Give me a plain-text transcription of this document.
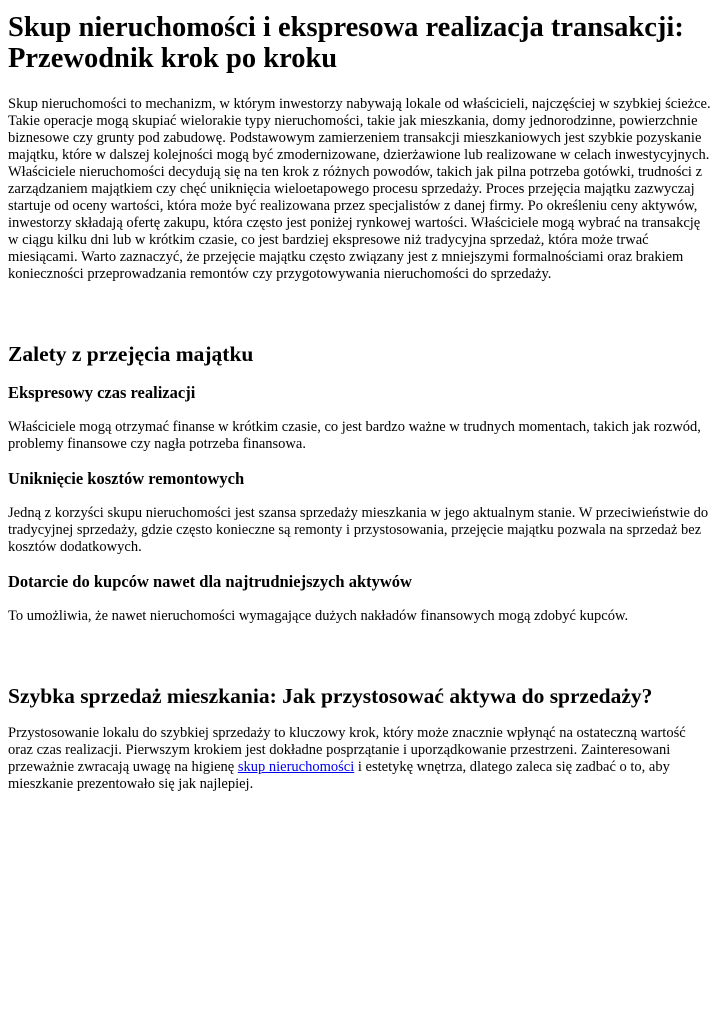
Skup nieruchomości i ekspresowa realizacja transakcji: Przewodnik krok po kroku

Skup nieruchomości to mechanizm, w którym inwestorzy nabywają lokale od właścicieli, najczęściej w szybkiej ścieżce. Takie operacje mogą skupiać wielorakie typy nieruchomości, takie jak mieszkania, domy jednorodzinne, powierzchnie biznesowe czy grunty pod zabudowę. Podstawowym zamierzeniem transakcji mieszkaniowych jest szybkie pozyskanie majątku, które w dalszej kolejności mogą być zmodernizowane, dzierżawione lub realizowane w celach inwestycyjnych. Właściciele nieruchomości decydują się na ten krok z różnych powodów, takich jak pilna potrzeba gotówki, trudności z zarządzaniem majątkiem czy chęć uniknięcia wieloetapowego procesu sprzedaży. Proces przejęcia majątku zazwyczaj startuje od oceny wartości, która może być realizowana przez specjalistów z danej firmy. Po określeniu ceny aktywów, inwestorzy składają ofertę zakupu, która często jest poniżej rynkowej wartości. Właściciele mogą wybrać na transakcję w ciągu kilku dni lub w krótkim czasie, co jest bardziej ekspresowe niż tradycyjna sprzedaż, która może trwać miesiącami. Warto zaznaczyć, że przejęcie majątku często związany jest z mniejszymi formalnościami oraz brakiem konieczności przeprowadzania remontów czy przygotowywania nieruchomości do sprzedaży.

Zalety z przejęcia majątku
Ekspresowy czas realizacji

Właściciele mogą otrzymać finanse w krótkim czasie, co jest bardzo ważne w trudnych momentach, takich jak rozwód, problemy finansowe czy nagła potrzeba finansowa.

Uniknięcie kosztów remontowych

Jedną z korzyści skupu nieruchomości jest szansa sprzedaży mieszkania w jego aktualnym stanie. W przeciwieństwie do tradycyjnej sprzedaży, gdzie często konieczne są remonty i przystosowania, przejęcie majątku pozwala na sprzedaż bez kosztów dodatkowych.

Dotarcie do kupców nawet dla najtrudniejszych aktywów

To umożliwia, że nawet nieruchomości wymagające dużych nakładów finansowych mogą zdobyć kupców.

Szybka sprzedaż mieszkania: Jak przystosować aktywa do sprzedaży?

Przystosowanie lokalu do szybkiej sprzedaży to kluczowy krok, który może znacznie wpłynąć na ostateczną wartość oraz czas realizacji. Pierwszym krokiem jest dokładne posprzątanie i uporządkowanie przestrzeni. Zainteresowani przeważnie zwracają uwagę na higienę skup nieruchomości i estetykę wnętrza, dlatego zaleca się zadbać o to, aby mieszkanie prezentowało się jak najlepiej.
